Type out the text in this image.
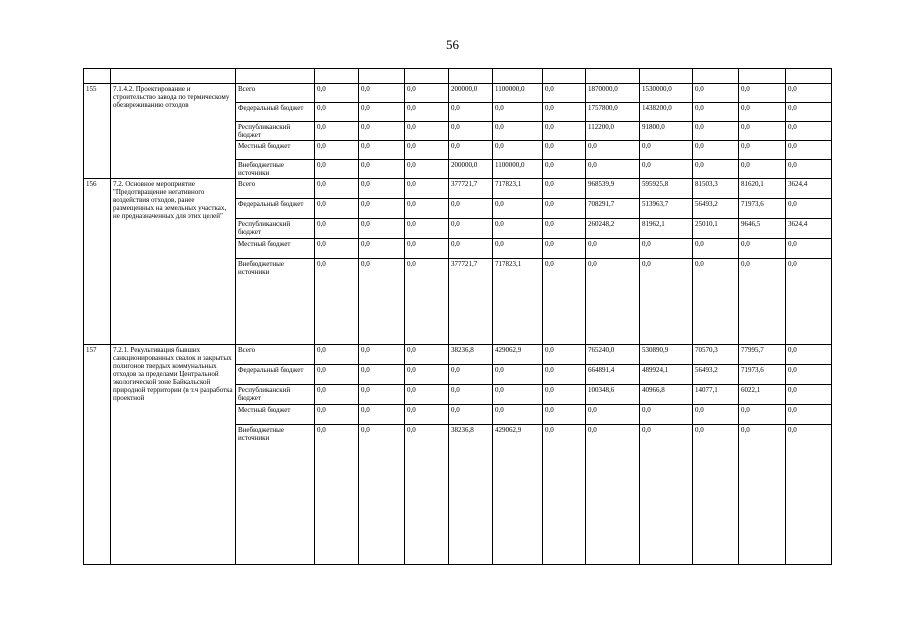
56

155	7.1.4.2. Проектирование и строительство завода по термическому обезвреживанию отходов	Всего	0,0	0,0	0,0	200000,0	1100000,0	0,0	1870000,0	1530000,0	0,0	0,0	0,0
		Федеральный бюджет	0,0	0,0	0,0	0,0	0,0	0,0	1757800,0	1438200,0	0,0	0,0	0,0
		Республиканский бюджет	0,0	0,0	0,0	0,0	0,0	0,0	112200,0	91800,0	0,0	0,0	0,0
		Местный бюджет	0,0	0,0	0,0	0,0	0,0	0,0	0,0	0,0	0,0	0,0	0,0
		Внебюджетные источники	0,0	0,0	0,0	200000,0	1100000,0	0,0	0,0	0,0	0,0	0,0	0,0
156	7.2. Основное мероприятие "Предотвращение негативного воздействия отходов, ранее размещенных на земельных участках, не предназначенных для этих целей"	Всего	0,0	0,0	0,0	377721,7	717823,1	0,0	968539,9	595925,8	81503,3	81620,1	3624,4
		Федеральный бюджет	0,0	0,0	0,0	0,0	0,0	0,0	708291,7	513963,7	56493,2	71973,6	0,0
		Республиканский бюджет	0,0	0,0	0,0	0,0	0,0	0,0	260248,2	81962,1	25010,1	9646,5	3624,4
		Местный бюджет	0,0	0,0	0,0	0,0	0,0	0,0	0,0	0,0	0,0	0,0	0,0
		Внебюджетные источники	0,0	0,0	0,0	377721,7	717823,1	0,0	0,0	0,0	0,0	0,0	0,0
157	7.2.1. Рекультивация бывших санкционированных свалок и закрытых полигонов твердых коммунальных отходов за пределами Центральной экологической зоне Байкальской природной территории (в т.ч разработка проектной	Всего	0,0	0,0	0,0	38236,8	429062,9	0,0	765240,0	530890,9	70570,3	77995,7	0,0
		Федеральный бюджет	0,0	0,0	0,0	0,0	0,0	0,0	664891,4	489924,1	56493,2	71973,6	0,0
		Республиканский бюджет	0,0	0,0	0,0	0,0	0,0	0,0	100348,6	40966,8	14077,1	6022,1	0,0
		Местный бюджет	0,0	0,0	0,0	0,0	0,0	0,0	0,0	0,0	0,0	0,0	0,0
		Внебюджетные источники	0,0	0,0	0,0	38236,8	429062,9	0,0	0,0	0,0	0,0	0,0	0,0
